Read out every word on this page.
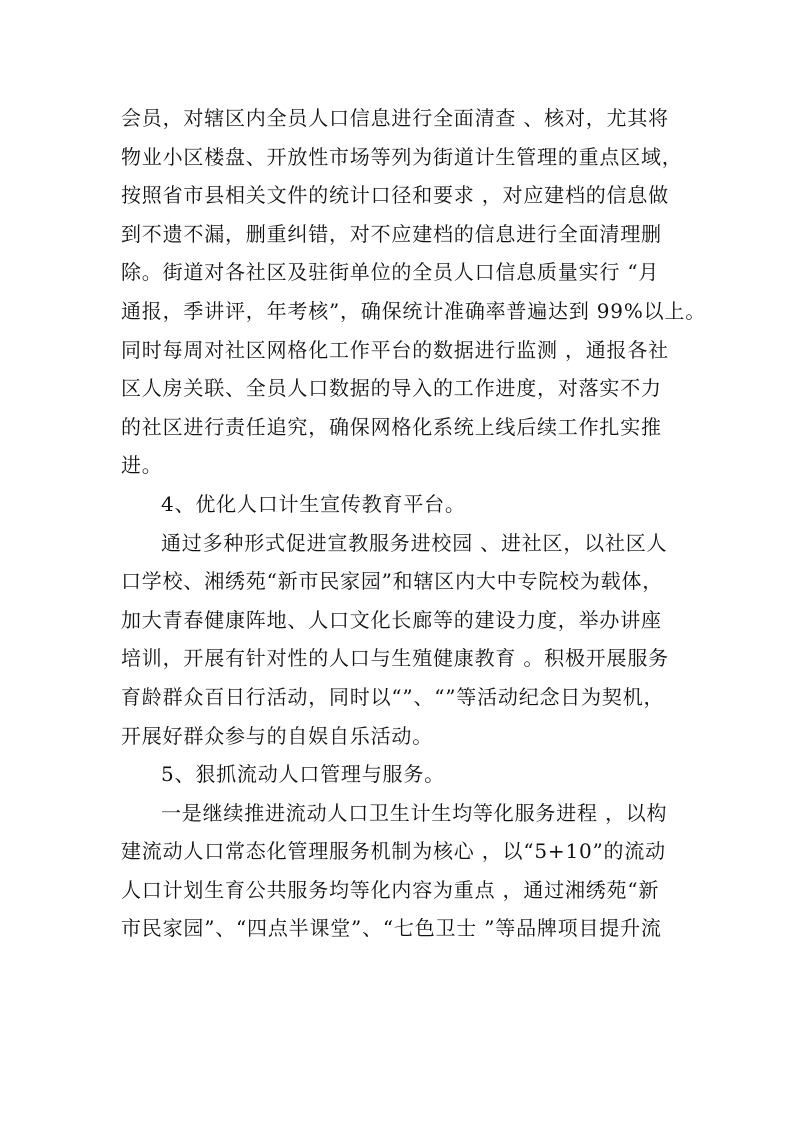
会员，对辖区内全员人口信息进行全面清查 、核对，尤其将
物业小区楼盘、开放性市场等列为街道计生管理的重点区域，
按照省市县相关文件的统计口径和要求 ，对应建档的信息做
到不遗不漏，删重纠错，对不应建档的信息进行全面清理删
除。街道对各社区及驻街单位的全员人口信息质量实行 “月
通报，季讲评，年考核”，确保统计准确率普遍达到 99%以上。
同时每周对社区网格化工作平台的数据进行监测 ，通报各社
区人房关联、全员人口数据的导入的工作进度，对落实不力
的社区进行责任追究，确保网格化系统上线后续工作扎实推
进。
4、优化人口计生宣传教育平台。
通过多种形式促进宣教服务进校园 、进社区，以社区人
口学校、湘绣苑“新市民家园”和辖区内大中专院校为载体，
加大青春健康阵地、人口文化长廊等的建设力度，举办讲座
培训，开展有针对性的人口与生殖健康教育 。积极开展服务
育龄群众百日行活动，同时以“”、“”等活动纪念日为契机，
开展好群众参与的自娱自乐活动。
5、狠抓流动人口管理与服务。
一是继续推进流动人口卫生计生均等化服务进程 ，以构
建流动人口常态化管理服务机制为核心 ，以“5+10”的流动
人口计划生育公共服务均等化内容为重点 ，通过湘绣苑“新
市民家园”、“四点半课堂”、“七色卫士 ”等品牌项目提升流
